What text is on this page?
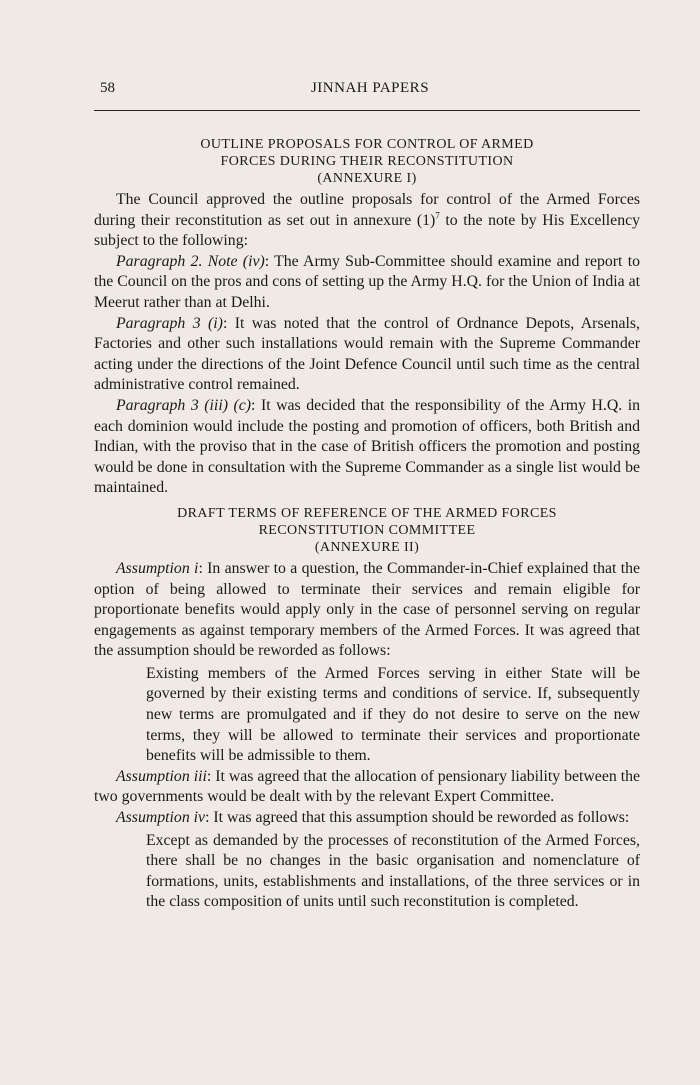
58	JINNAH PAPERS
OUTLINE PROPOSALS FOR CONTROL OF ARMED
FORCES DURING THEIR RECONSTITUTION
(ANNEXURE I)

The Council approved the outline proposals for control of the Armed Forces during their reconstitution as set out in annexure $(1)^7$ to the note by His Excellency subject to the following:

Paragraph 2. Note (iv): The Army Sub-Committee should examine and report to the Council on the pros and cons of setting up the Army H.Q. for the Union of India at Meerut rather than at Delhi.

Paragraph 3 (i): It was noted that the control of Ordnance Depots, Arsenals, Factories and other such installations would remain with the Supreme Commander acting under the directions of the Joint Defence Council until such time as the central administrative control remained.

Paragraph 3 (iii) (c): It was decided that the responsibility of the Army H.Q. in each dominion would include the posting and promotion of officers, both British and Indian, with the proviso that in the case of British officers the promotion and posting would be done in consultation with the Supreme Commander as a single list would be maintained.

DRAFT TERMS OF REFERENCE OF THE ARMED FORCES
RECONSTITUTION COMMITTEE
(ANNEXURE II)

Assumption i: In answer to a question, the Commander-in-Chief explained that the option of being allowed to terminate their services and remain eligible for proportionate benefits would apply only in the case of personnel serving on regular engagements as against temporary members of the Armed Forces. It was agreed that the assumption should be reworded as follows:

Existing members of the Armed Forces serving in either State will be governed by their existing terms and conditions of service. If, subsequently new terms are promulgated and if they do not desire to serve on the new terms, they will be allowed to terminate their services and proportionate benefits will be admissible to them.

Assumption iii: It was agreed that the allocation of pensionary liability between the two governments would be dealt with by the relevant Expert Committee.

Assumption iv: It was agreed that this assumption should be reworded as follows:

Except as demanded by the processes of reconstitution of the Armed Forces, there shall be no changes in the basic organisation and nomenclature of formations, units, establishments and installations, of the three services or in the class composition of units until such reconstitution is completed.
